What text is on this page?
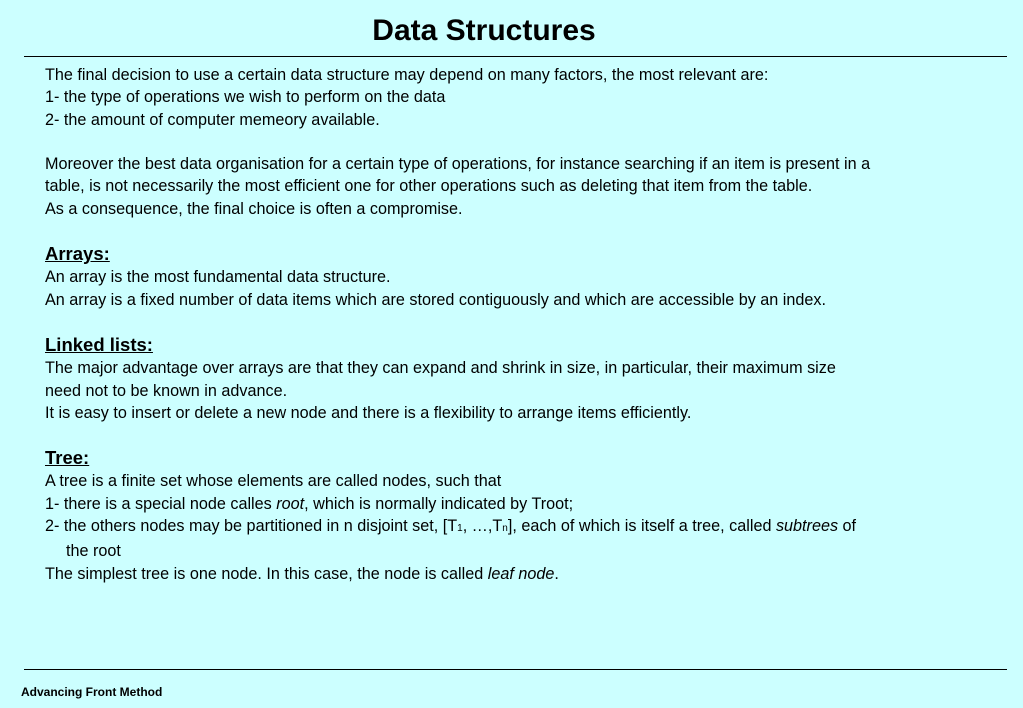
Data Structures
The final decision to use a certain data structure may depend on many factors, the most relevant are:
1- the type of operations we wish to perform on the data
2- the amount of computer memeory available.
Moreover the best data organisation for a certain type of operations, for instance searching if an item is present in a
table, is not necessarily the most efficient one for other operations such as deleting that item from the table.
As a consequence, the final choice is often a compromise.
Arrays:
An array is the most fundamental data structure.
An array is a fixed number of data items which are stored contiguously and which are accessible by an index.
Linked lists:
The major advantage over arrays are that they can expand and shrink in size, in particular, their maximum size
need not to be known in advance.
It is easy to insert or delete a new node and there is a flexibility to arrange items efficiently.
Tree:
A tree is a finite set whose elements are called nodes, such that
1- there is a special node calles root, which is normally indicated by Troot;
2- the others nodes may be partitioned in n disjoint set, [T1, …,Tn], each of which is itself a tree, called subtrees of
the root
The simplest tree is one node. In this case, the node is called leaf node.
Advancing Front Method
